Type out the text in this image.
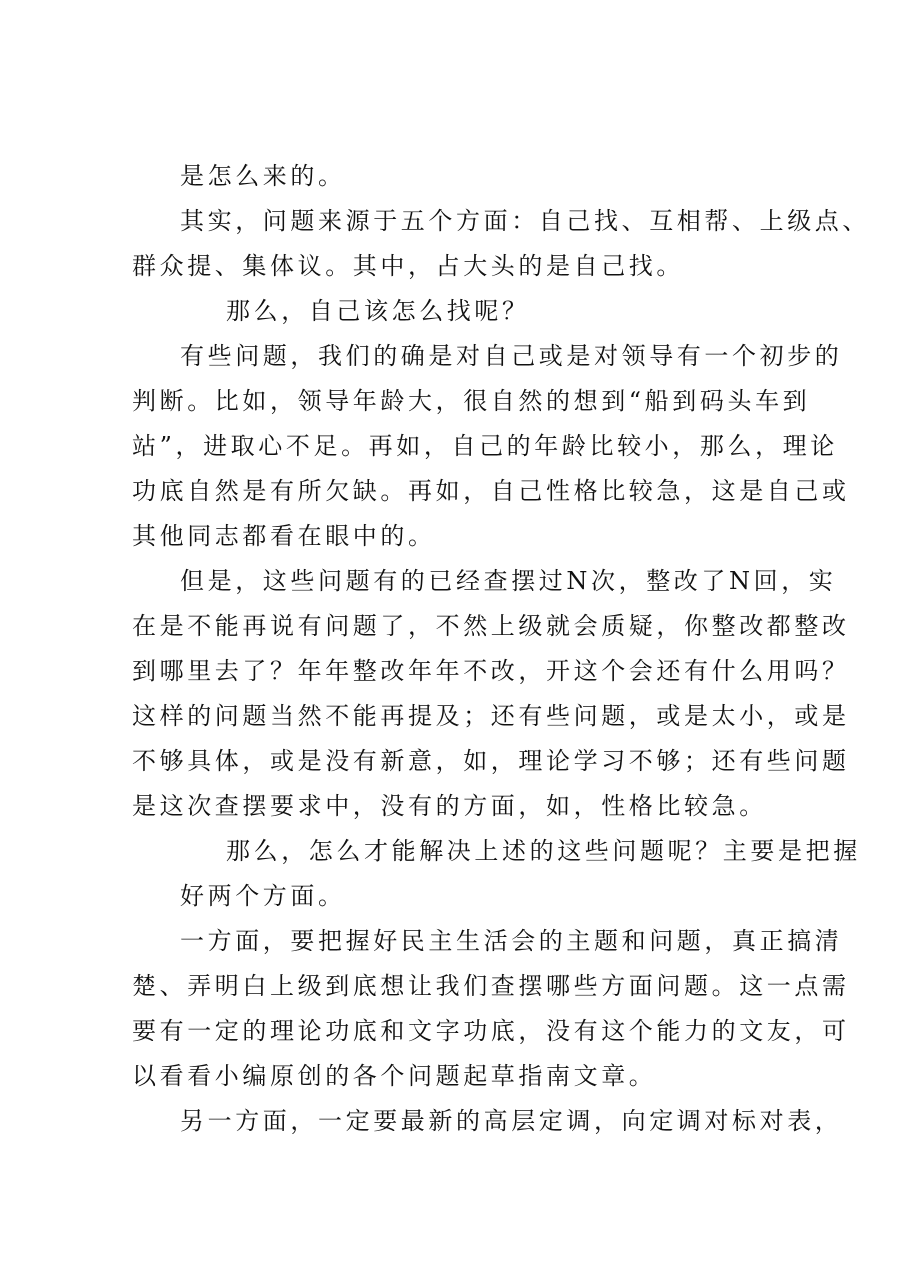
是怎么来的。
其实，问题来源于五个方面：自己找、互相帮、上级点、
群众提、集体议。其中，占大头的是自己找。
那么，自己该怎么找呢？
有些问题，我们的确是对自己或是对领导有一个初步的
判断。比如，领导年龄大，很自然的想到“船到码头车到
站”，进取心不足。再如，自己的年龄比较小，那么，理论
功底自然是有所欠缺。再如，自己性格比较急，这是自己或
其他同志都看在眼中的。
但是，这些问题有的已经查摆过N次，整改了N回，实
在是不能再说有问题了，不然上级就会质疑，你整改都整改
到哪里去了？年年整改年年不改，开这个会还有什么用吗？
这样的问题当然不能再提及；还有些问题，或是太小，或是
不够具体，或是没有新意，如，理论学习不够；还有些问题
是这次查摆要求中，没有的方面，如，性格比较急。
那么，怎么才能解决上述的这些问题呢？主要是把握
好两个方面。
一方面，要把握好民主生活会的主题和问题，真正搞清
楚、弄明白上级到底想让我们查摆哪些方面问题。这一点需
要有一定的理论功底和文字功底，没有这个能力的文友，可
以看看小编原创的各个问题起草指南文章。
另一方面，一定要最新的高层定调，向定调对标对表，
